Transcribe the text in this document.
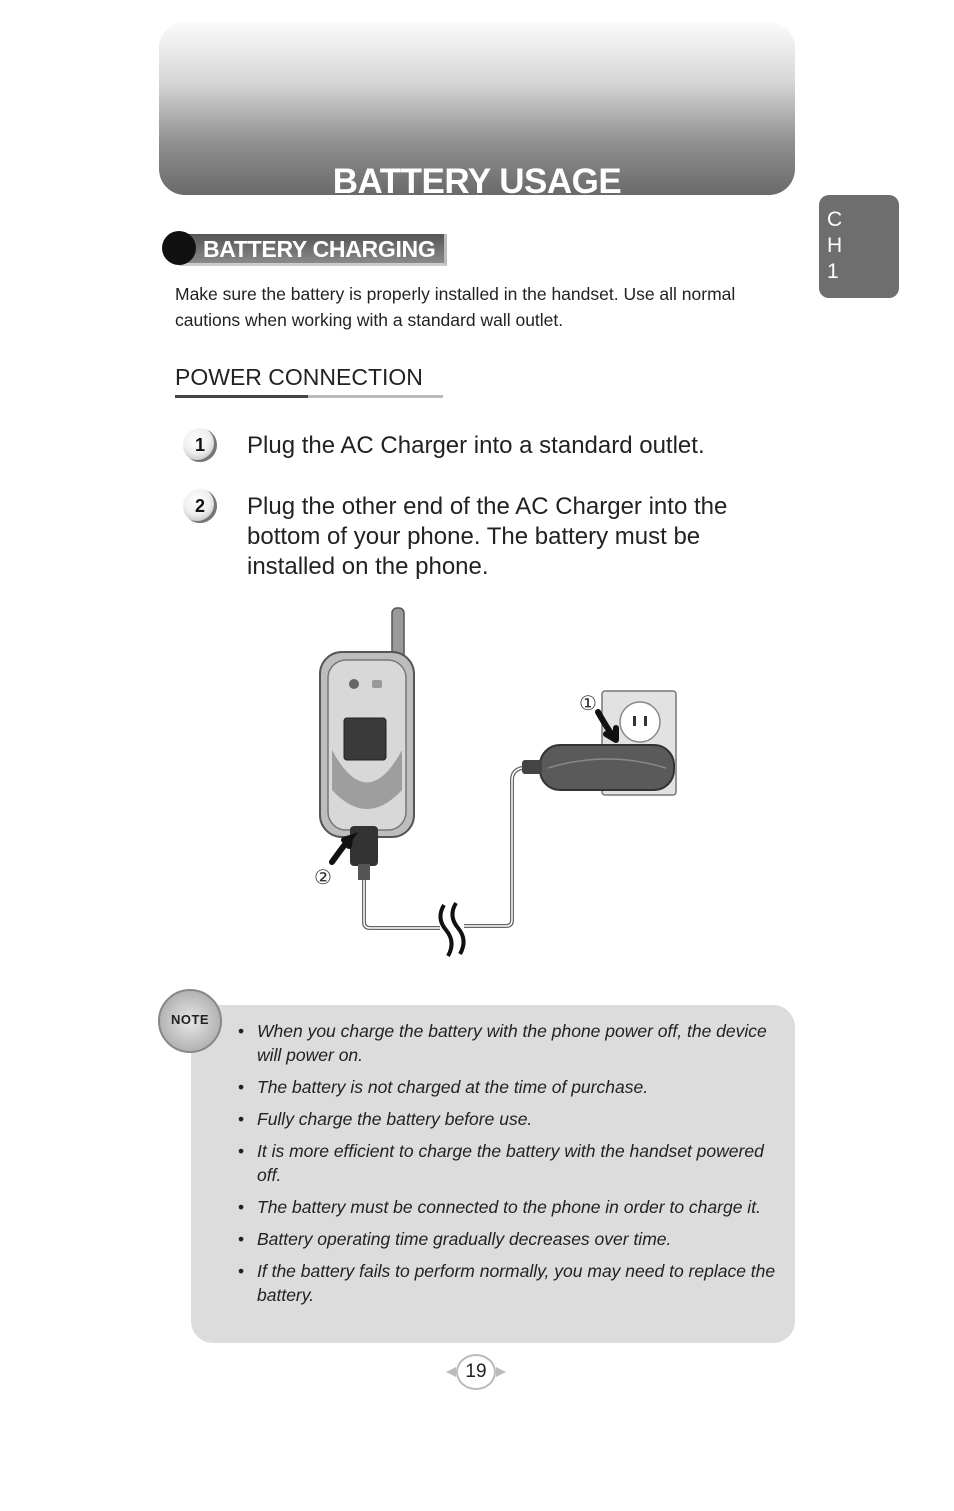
BATTERY USAGE
C
H
1
BATTERY CHARGING
Make sure the battery is properly installed in the handset. Use all normal cautions when working with a standard wall outlet.
POWER CONNECTION
1	Plug the AC Charger into a standard outlet.
2	Plug the other end of the AC Charger into the bottom of your phone. The battery must be installed on the phone.
①
②
NOTE
• When you charge the battery with the phone power off, the device will power on.
• The battery is not charged at the time of purchase.
• Fully charge the battery before use.
• It is more efficient to charge the battery with the handset powered off.
• The battery must be connected to the phone in order to charge it.
• Battery operating time gradually decreases over time.
• If the battery fails to perform normally, you may need to replace the battery.
19
